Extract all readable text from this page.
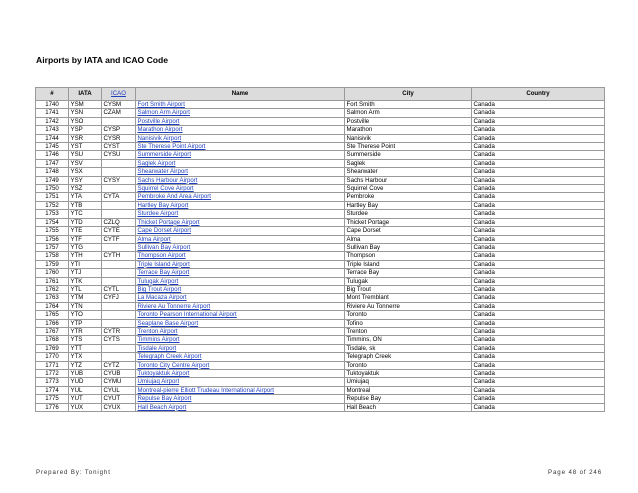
Airports by IATA and ICAO Code
#	IATA	ICAO	Name	City	Country
1740	YSM	CYSM	Fort Smith Airport	Fort Smith	Canada
1741	YSN	CZAM	Salmon Arm Airport	Salmon Arm	Canada
1742	YSO		Postville Airport	Postville	Canada
1743	YSP	CYSP	Marathon Airport	Marathon	Canada
1744	YSR	CYSR	Nanisivik Airport	Nanisivik	Canada
1745	YST	CYST	Ste Therese Point Airport	Ste Therese Point	Canada
1746	YSU	CYSU	Summerside Airport	Summerside	Canada
1747	YSV		Saglek Airport	Saglek	Canada
1748	YSX		Shearwater Airport	Shearwater	Canada
1749	YSY	CYSY	Sachs Harbour Airport	Sachs Harbour	Canada
1750	YSZ		Squirrel Cove Airport	Squirrel Cove	Canada
1751	YTA	CYTA	Pembroke And Area Airport	Pembroke	Canada
1752	YTB		Hartley Bay Airport	Hartley Bay	Canada
1753	YTC		Sturdee Airport	Sturdee	Canada
1754	YTD	CZLQ	Thicket Portage Airport	Thicket Portage	Canada
1755	YTE	CYTE	Cape Dorset Airport	Cape Dorset	Canada
1756	YTF	CYTF	Alma Airport	Alma	Canada
1757	YTG		Sullivan Bay Airport	Sullivan Bay	Canada
1758	YTH	CYTH	Thompson Airport	Thompson	Canada
1759	YTI		Triple Island Airport	Triple Island	Canada
1760	YTJ		Terrace Bay Airport	Terrace Bay	Canada
1761	YTK		Tulugak Airport	Tulugak	Canada
1762	YTL	CYTL	Big Trout Airport	Big Trout	Canada
1763	YTM	CYFJ	La Macaza Airport	Mont Tremblant	Canada
1764	YTN		Riviere Au Tonnerre Airport	Riviere Au Tonnerre	Canada
1765	YTO		Toronto Pearson International Airport	Toronto	Canada
1766	YTP		Seaplane Base Airport	Tofino	Canada
1767	YTR	CYTR	Trenton Airport	Trenton	Canada
1768	YTS	CYTS	Timmins Airport	Timmins, ON	Canada
1769	YTT		Tisdale Airport	Tisdale, sk	Canada
1770	YTX		Telegraph Creek Airport	Telegraph Creek	Canada
1771	YTZ	CYTZ	Toronto City Centre Airport	Toronto	Canada
1772	YUB	CYUB	Tuktoyaktuk Airport	Tuktoyaktuk	Canada
1773	YUD	CYMU	Umiujaq Airport	Umiujaq	Canada
1774	YUL	CYUL	Montreal-pierre Elliott Trudeau International Airport	Montreal	Canada
1775	YUT	CYUT	Repulse Bay Airport	Repulse Bay	Canada
1776	YUX	CYUX	Hall Beach Airport	Hall Beach	Canada
Prepared By: Tonight	Page 48 of 246
